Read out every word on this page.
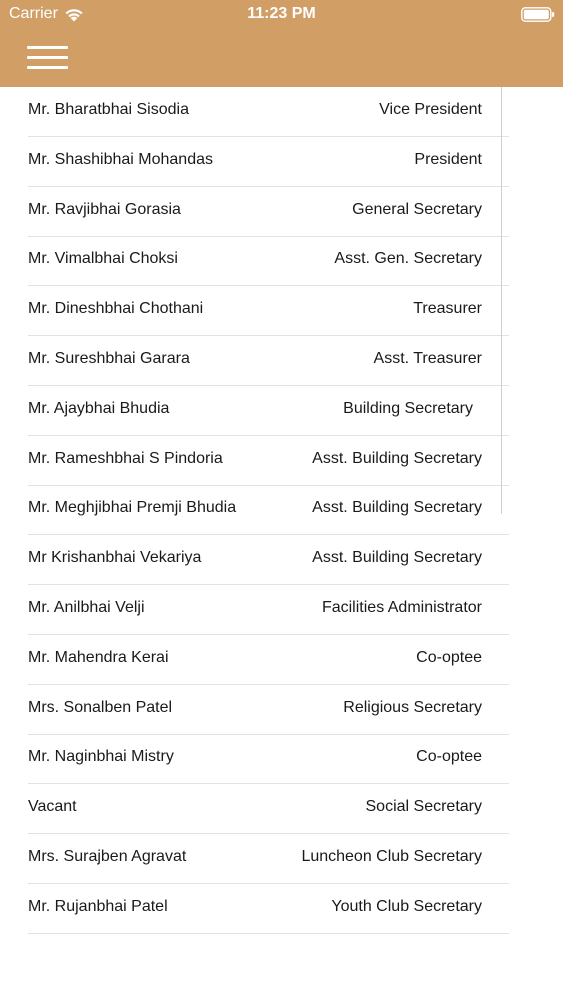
Carrier	11:23 PM
Mr. Bharatbhai Sisodia	Vice President
Mr. Shashibhai Mohandas	President
Mr. Ravjibhai Gorasia	General Secretary
Mr. Vimalbhai Choksi	Asst. Gen. Secretary
Mr. Dineshbhai Chothani	Treasurer
Mr. Sureshbhai Garara	Asst. Treasurer
Mr. Ajaybhai Bhudia	Building Secretary
Mr. Rameshbhai S Pindoria	Asst. Building Secretary
Mr. Meghjibhai Premji Bhudia	Asst. Building Secretary
Mr Krishanbhai Vekariya	Asst. Building Secretary
Mr. Anilbhai Velji	Facilities Administrator
Mr. Mahendra Kerai	Co-optee
Mrs. Sonalben Patel	Religious Secretary
Mr. Naginbhai Mistry	Co-optee
Vacant	Social Secretary
Mrs. Surajben Agravat	Luncheon Club Secretary
Mr. Rujanbhai Patel	Youth Club Secretary
